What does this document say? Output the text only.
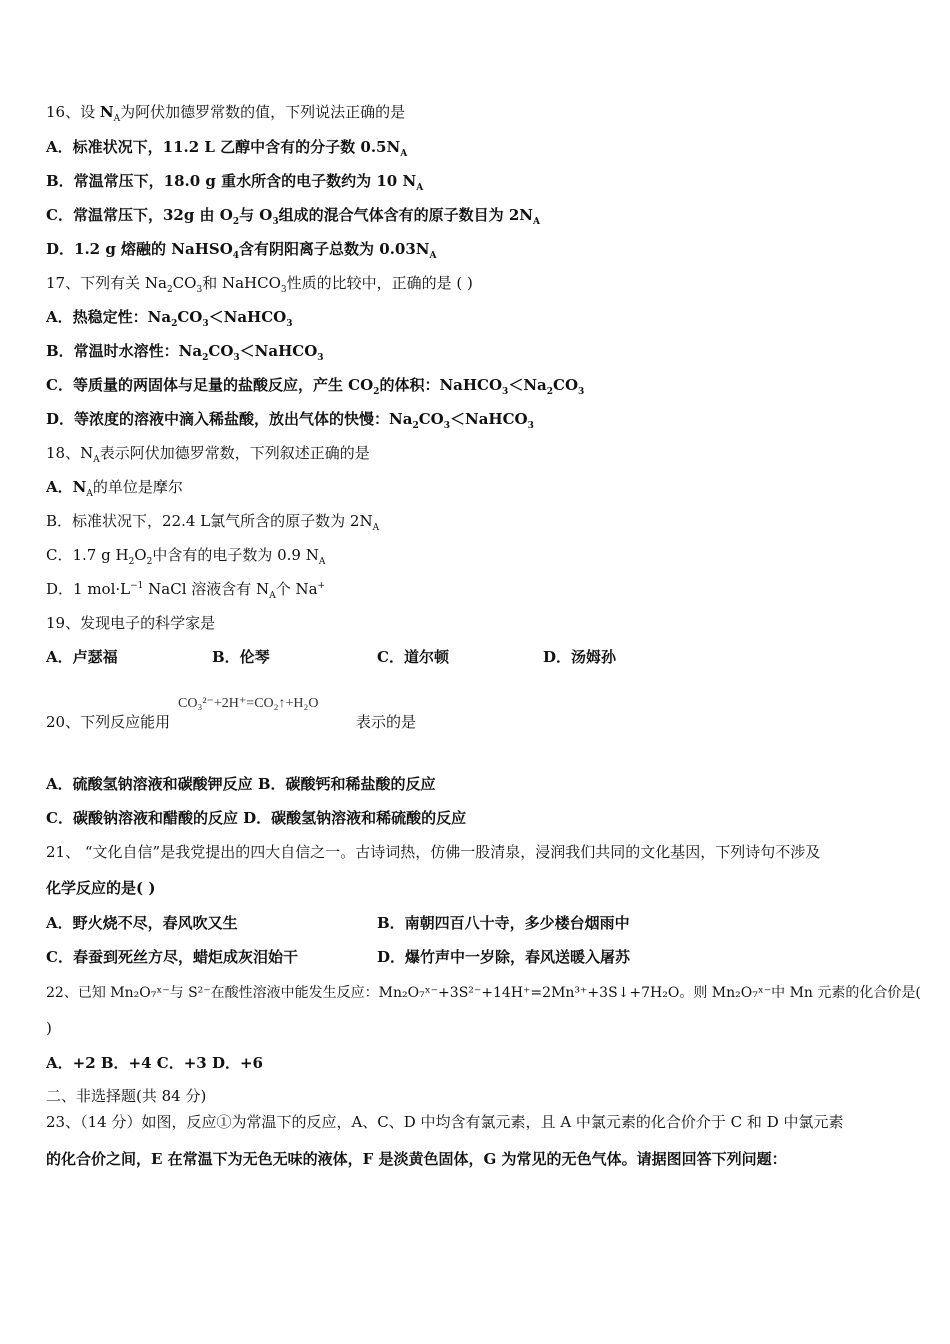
16、设 $N_A$为阿伏加德罗常数的值，下列说法正确的是
A．标准状况下，11.2 L 乙醇中含有的分子数 $0.5N_A$
B．常温常压下，18.0 g 重水所含的电子数约为 10 $N_A$
C．常温常压下，32g 由 $O_2$与 $O_3$组成的混合气体含有的原子数目为 $2N_A$
D．1.2 g 熔融的 NaHSO$_4$含有阴阳离子总数为 $0.03N_A$
17、下列有关 $Na_2CO_3$和 NaHCO$_3$性质的比较中，正确的是 ( )
A．热稳定性：$Na_2CO_3<NaHCO_3$
B．常温时水溶性：$Na_2CO_3<NaHCO_3$
C．等质量的两固体与足量的盐酸反应，产生 $CO_2$的体积：$NaHCO_3<Na_2CO_3$
D．等浓度的溶液中滴入稀盐酸，放出气体的快慢：$Na_2CO_3<NaHCO_3$
18、$N_A$表示阿伏加德罗常数，下列叙述正确的是
A．$N_A$的单位是摩尔
B．标准状况下，22.4 L氯气所含的原子数为 $2N_A$
C．1.7 g $H_2O_2$中含有的电子数为 0.9 $N_A$
D．1 $mol\cdot L^{-1}$ NaCl 溶液含有 $N_A$个 Na+
19、发现电子的科学家是
A．卢瑟福	B．伦琴	C．道尔顿	D．汤姆孙
20、下列反应能用
CO₃²⁻+2H⁺=CO₂↑+H₂O
表示的是
A．硫酸氢钠溶液和碳酸钾反应 B．碳酸钙和稀盐酸的反应
C．碳酸钠溶液和醋酸的反应 D．碳酸氢钠溶液和稀硫酸的反应
21、 “文化自信”是我党提出的四大自信之一。古诗词热，仿佛一股清泉，浸润我们共同的文化基因，下列诗句不涉及
化学反应的是( )
A．野火烧不尽，春风吹又生	B．南朝四百八十寺，多少楼台烟雨中
C．春蚕到死丝方尽，蜡炬成灰泪始干	D．爆竹声中一岁除，春风送暖入屠苏
22、已知 Mn₂O₇ˣ⁻与 S²⁻在酸性溶液中能发生反应：Mn₂O₇ˣ⁻+3S²⁻+14H⁺=2Mn³⁺+3S↓+7H₂O。则 Mn₂O₇ˣ⁻中 Mn 元素的化合价是(
)
A．+2 B．+4 C．+3 D．+6
二、非选择题(共 84 分)
23、（14 分）如图，反应①为常温下的反应，A、C、D 中均含有氯元素，且 A 中氯元素的化合价介于 C 和 D 中氯元素
的化合价之间，E 在常温下为无色无味的液体，F 是淡黄色固体，G 为常见的无色气体。请据图回答下列问题：
